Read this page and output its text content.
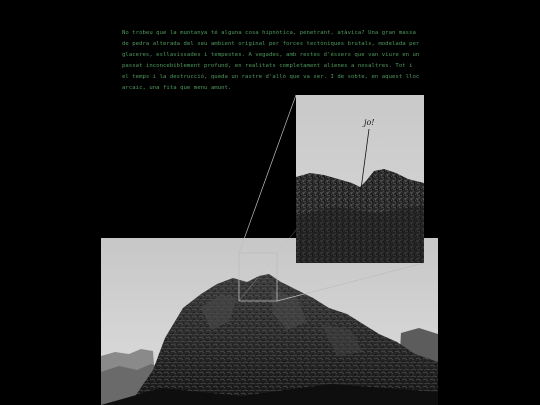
No trobeu que la muntanya té alguna cosa hipnòtica, penetrant, atàvica? Una gran massa de pedra alterada del seu ambient original per forces tectòniques brutals, modelada per glaceres, esllavissades i tempestes. A vegades, amb restes d'éssers que van viure en un passat inconcebiblement profund, en realitats completament alienes a nosaltres. Tot i el temps i la destrucció, queda un rastre d'allò que va ser. I de sobte, en aquest lloc arcaic, una fita que menu amunt.

jo!
